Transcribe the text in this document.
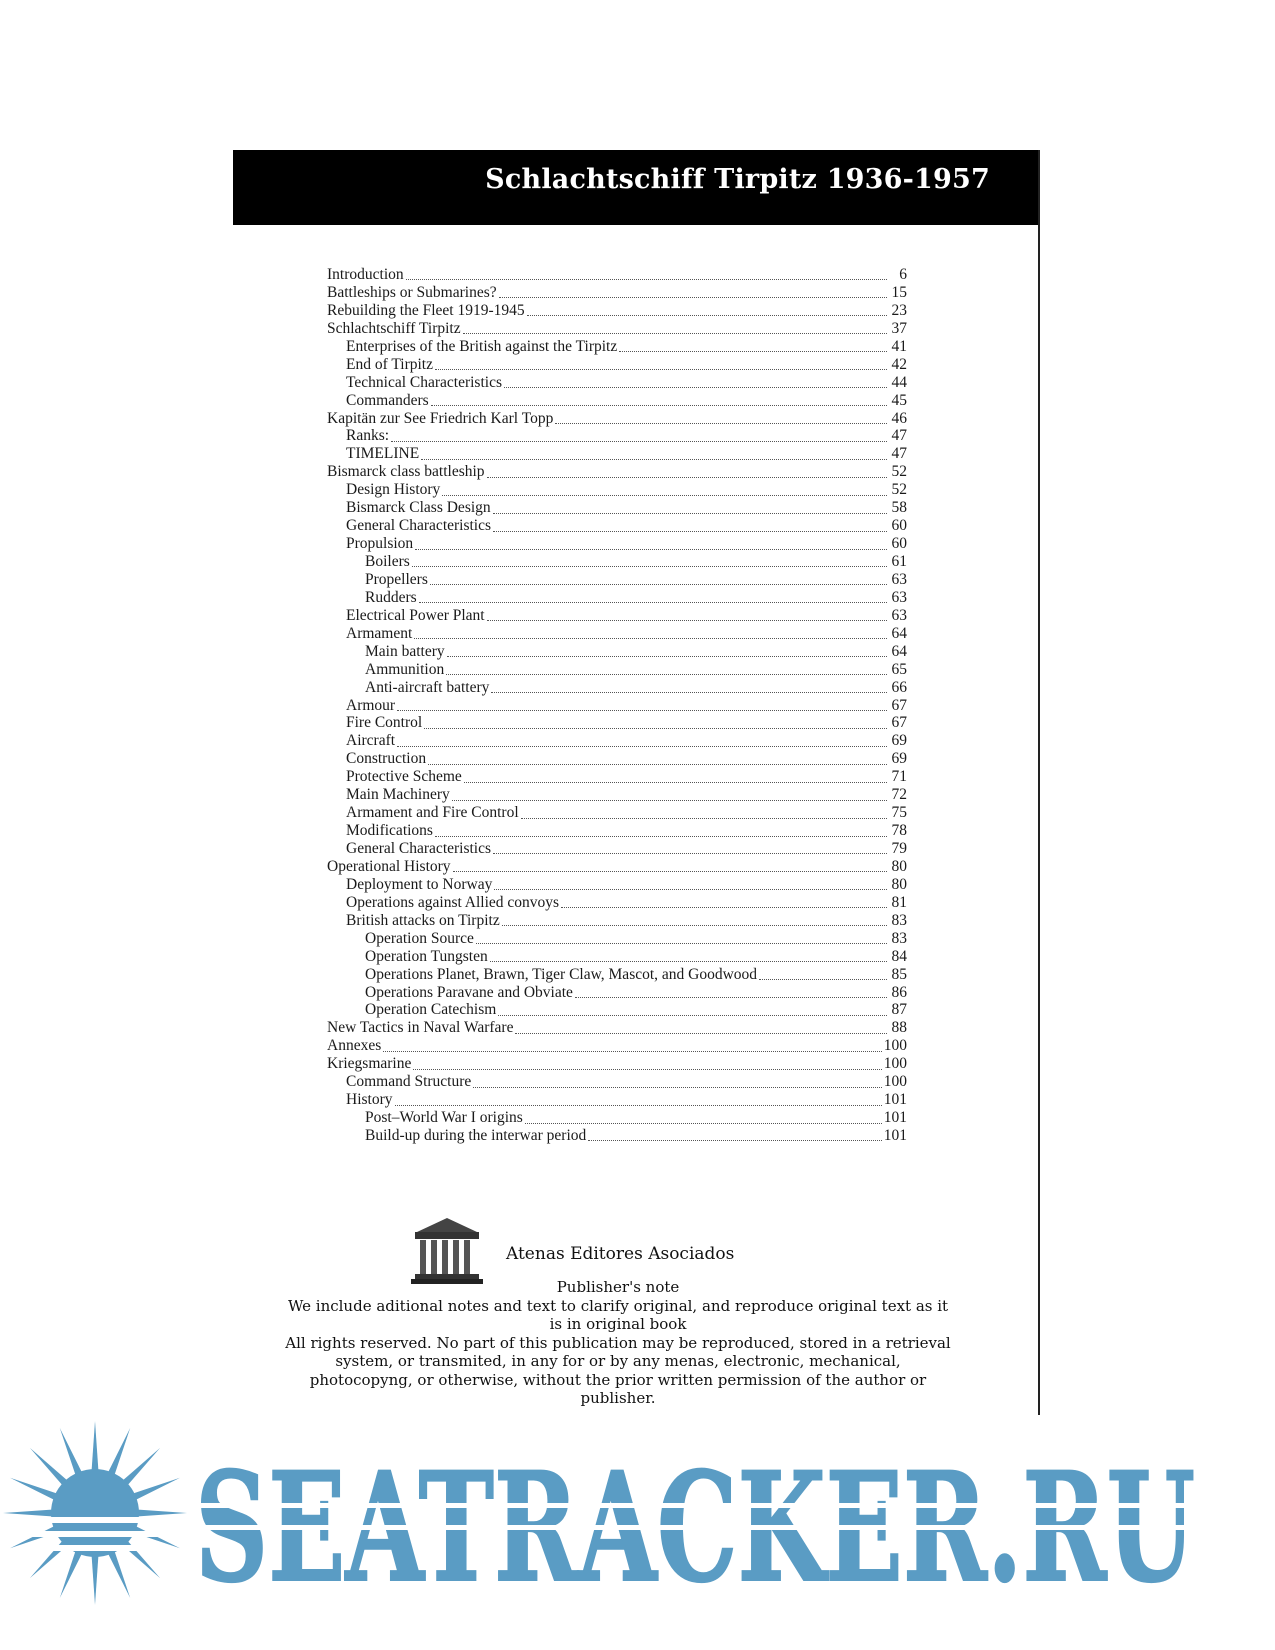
Schlachtschiff Tirpitz 1936-1957
Introduction	6
Battleships or Submarines?	15
Rebuilding the Fleet 1919-1945	23
Schlachtschiff Tirpitz	37
Enterprises of the British against the Tirpitz	41
End of Tirpitz	42
Technical Characteristics	44
Commanders	45
Kapitän zur See Friedrich Karl Topp	46
Ranks:	47
TIMELINE	47
Bismarck class battleship	52
Design History	52
Bismarck Class Design	58
General Characteristics	60
Propulsion	60
Boilers	61
Propellers	63
Rudders	63
Electrical Power Plant	63
Armament	64
Main battery	64
Ammunition	65
Anti-aircraft battery	66
Armour	67
Fire Control	67
Aircraft	69
Construction	69
Protective Scheme	71
Main Machinery	72
Armament and Fire Control	75
Modifications	78
General Characteristics	79
Operational History	80
Deployment to Norway	80
Operations against Allied convoys	81
British attacks on Tirpitz	83
Operation Source	83
Operation Tungsten	84
Operations Planet, Brawn, Tiger Claw, Mascot, and Goodwood	85
Operations Paravane and Obviate	86
Operation Catechism	87
New Tactics in Naval Warfare	88
Annexes	100
Kriegsmarine	100
Command Structure	100
History	101
Post–World War I origins	101
Build-up during the interwar period	101
Atenas Editores Asociados
Publisher's note
We include aditional notes and text to clarify original, and reproduce original text as it
is in original book
All rights reserved. No part of this publication may be reproduced, stored in a retrieval
system, or transmited, in any for or by any menas, electronic, mechanical,
photocopyng, or otherwise, without the prior written permission of the author or
publisher.
